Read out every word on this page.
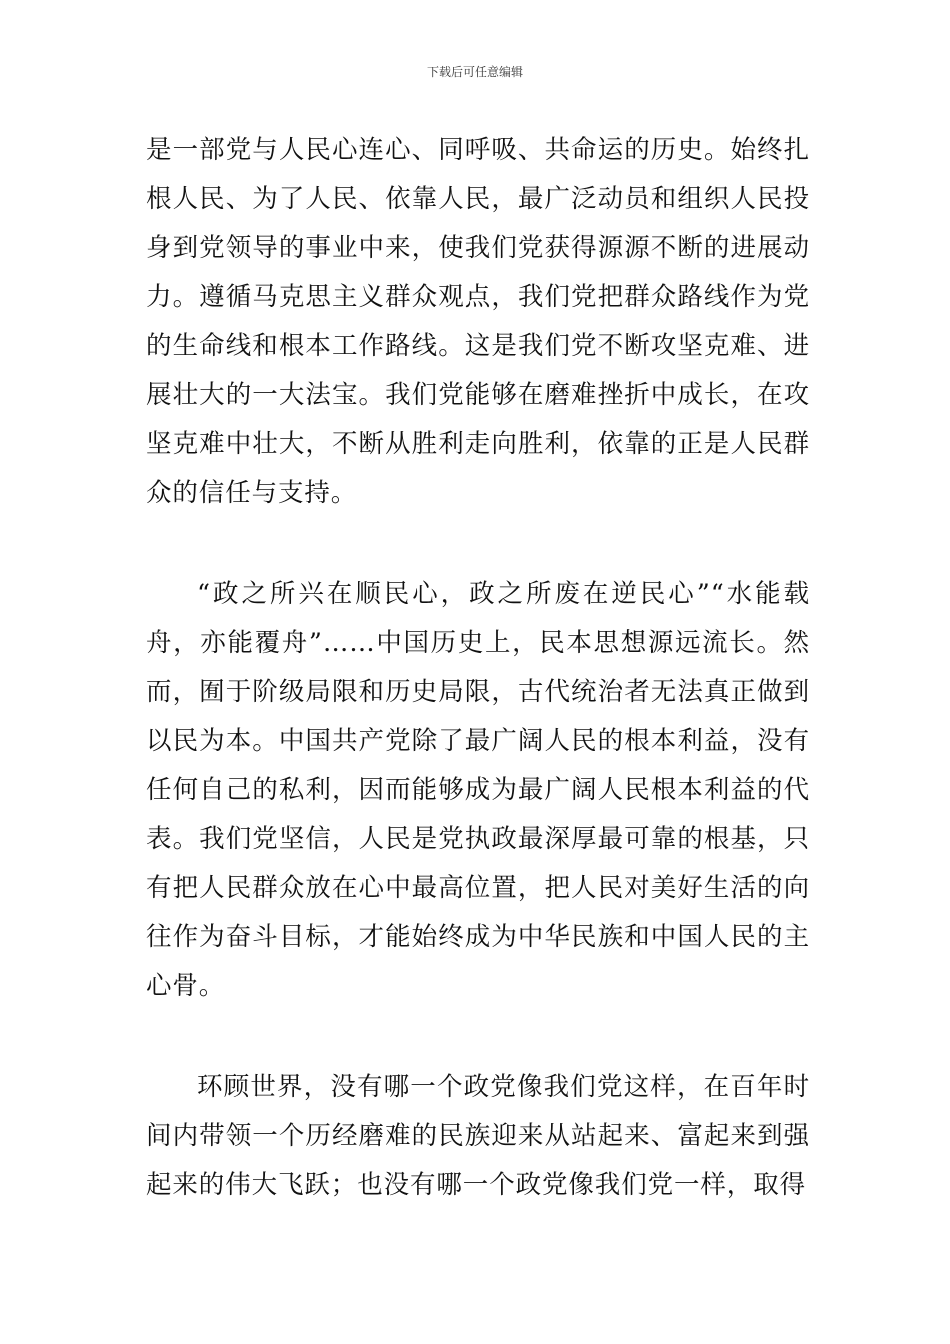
下载后可任意编辑

是一部党与人民心连心、同呼吸、共命运的历史。始终扎根人民、为了人民、依靠人民，最广泛动员和组织人民投身到党领导的事业中来，使我们党获得源源不断的进展动力。遵循马克思主义群众观点，我们党把群众路线作为党的生命线和根本工作路线。这是我们党不断攻坚克难、进展壮大的一大法宝。我们党能够在磨难挫折中成长，在攻坚克难中壮大，不断从胜利走向胜利，依靠的正是人民群众的信任与支持。

“政之所兴在顺民心，政之所废在逆民心”“水能载舟，亦能覆舟”……中国历史上，民本思想源远流长。然而，囿于阶级局限和历史局限，古代统治者无法真正做到以民为本。中国共产党除了最广阔人民的根本利益，没有任何自己的私利，因而能够成为最广阔人民根本利益的代表。我们党坚信，人民是党执政最深厚最可靠的根基，只有把人民群众放在心中最高位置，把人民对美好生活的向往作为奋斗目标，才能始终成为中华民族和中国人民的主心骨。

环顾世界，没有哪一个政党像我们党这样，在百年时间内带领一个历经磨难的民族迎来从站起来、富起来到强起来的伟大飞跃；也没有哪一个政党像我们党一样，取得
